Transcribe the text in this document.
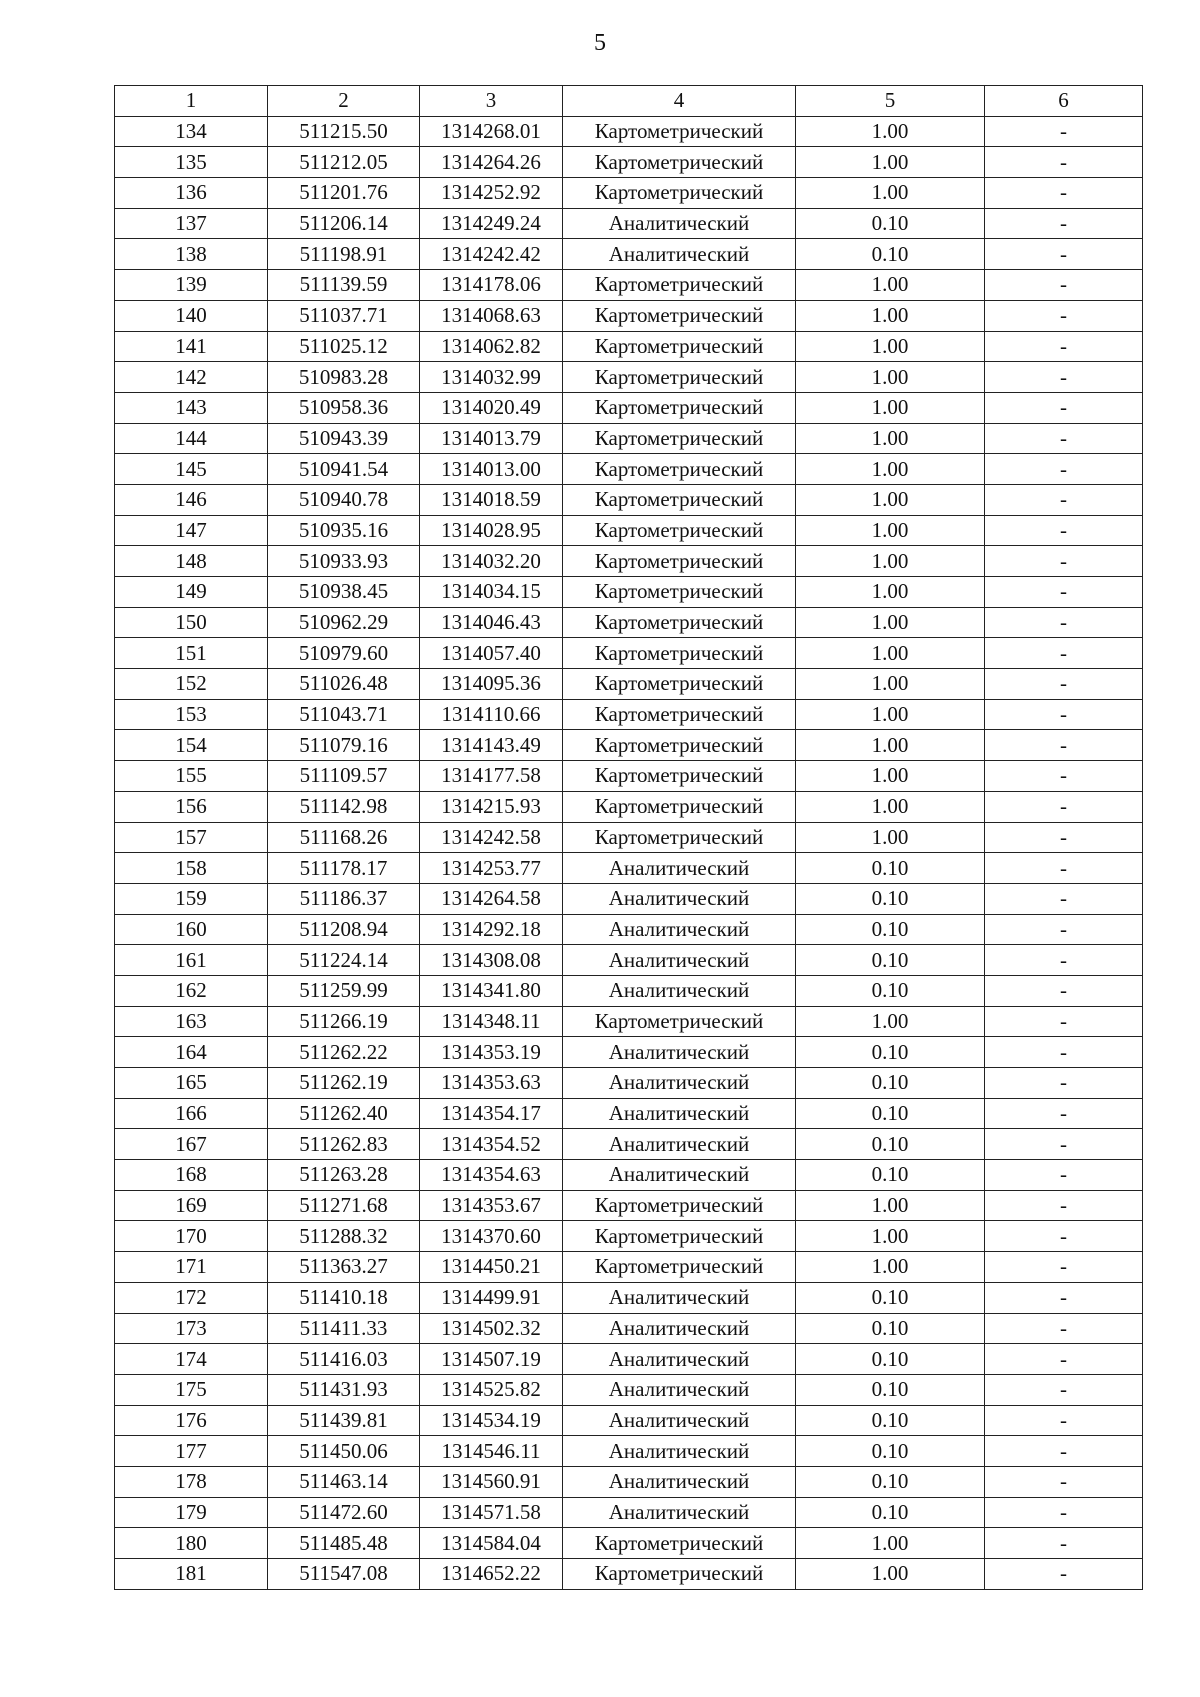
5
1	2	3	4	5	6
134	511215.50	1314268.01	Картометрический	1.00	-
135	511212.05	1314264.26	Картометрический	1.00	-
136	511201.76	1314252.92	Картометрический	1.00	-
137	511206.14	1314249.24	Аналитический	0.10	-
138	511198.91	1314242.42	Аналитический	0.10	-
139	511139.59	1314178.06	Картометрический	1.00	-
140	511037.71	1314068.63	Картометрический	1.00	-
141	511025.12	1314062.82	Картометрический	1.00	-
142	510983.28	1314032.99	Картометрический	1.00	-
143	510958.36	1314020.49	Картометрический	1.00	-
144	510943.39	1314013.79	Картометрический	1.00	-
145	510941.54	1314013.00	Картометрический	1.00	-
146	510940.78	1314018.59	Картометрический	1.00	-
147	510935.16	1314028.95	Картометрический	1.00	-
148	510933.93	1314032.20	Картометрический	1.00	-
149	510938.45	1314034.15	Картометрический	1.00	-
150	510962.29	1314046.43	Картометрический	1.00	-
151	510979.60	1314057.40	Картометрический	1.00	-
152	511026.48	1314095.36	Картометрический	1.00	-
153	511043.71	1314110.66	Картометрический	1.00	-
154	511079.16	1314143.49	Картометрический	1.00	-
155	511109.57	1314177.58	Картометрический	1.00	-
156	511142.98	1314215.93	Картометрический	1.00	-
157	511168.26	1314242.58	Картометрический	1.00	-
158	511178.17	1314253.77	Аналитический	0.10	-
159	511186.37	1314264.58	Аналитический	0.10	-
160	511208.94	1314292.18	Аналитический	0.10	-
161	511224.14	1314308.08	Аналитический	0.10	-
162	511259.99	1314341.80	Аналитический	0.10	-
163	511266.19	1314348.11	Картометрический	1.00	-
164	511262.22	1314353.19	Аналитический	0.10	-
165	511262.19	1314353.63	Аналитический	0.10	-
166	511262.40	1314354.17	Аналитический	0.10	-
167	511262.83	1314354.52	Аналитический	0.10	-
168	511263.28	1314354.63	Аналитический	0.10	-
169	511271.68	1314353.67	Картометрический	1.00	-
170	511288.32	1314370.60	Картометрический	1.00	-
171	511363.27	1314450.21	Картометрический	1.00	-
172	511410.18	1314499.91	Аналитический	0.10	-
173	511411.33	1314502.32	Аналитический	0.10	-
174	511416.03	1314507.19	Аналитический	0.10	-
175	511431.93	1314525.82	Аналитический	0.10	-
176	511439.81	1314534.19	Аналитический	0.10	-
177	511450.06	1314546.11	Аналитический	0.10	-
178	511463.14	1314560.91	Аналитический	0.10	-
179	511472.60	1314571.58	Аналитический	0.10	-
180	511485.48	1314584.04	Картометрический	1.00	-
181	511547.08	1314652.22	Картометрический	1.00	-
